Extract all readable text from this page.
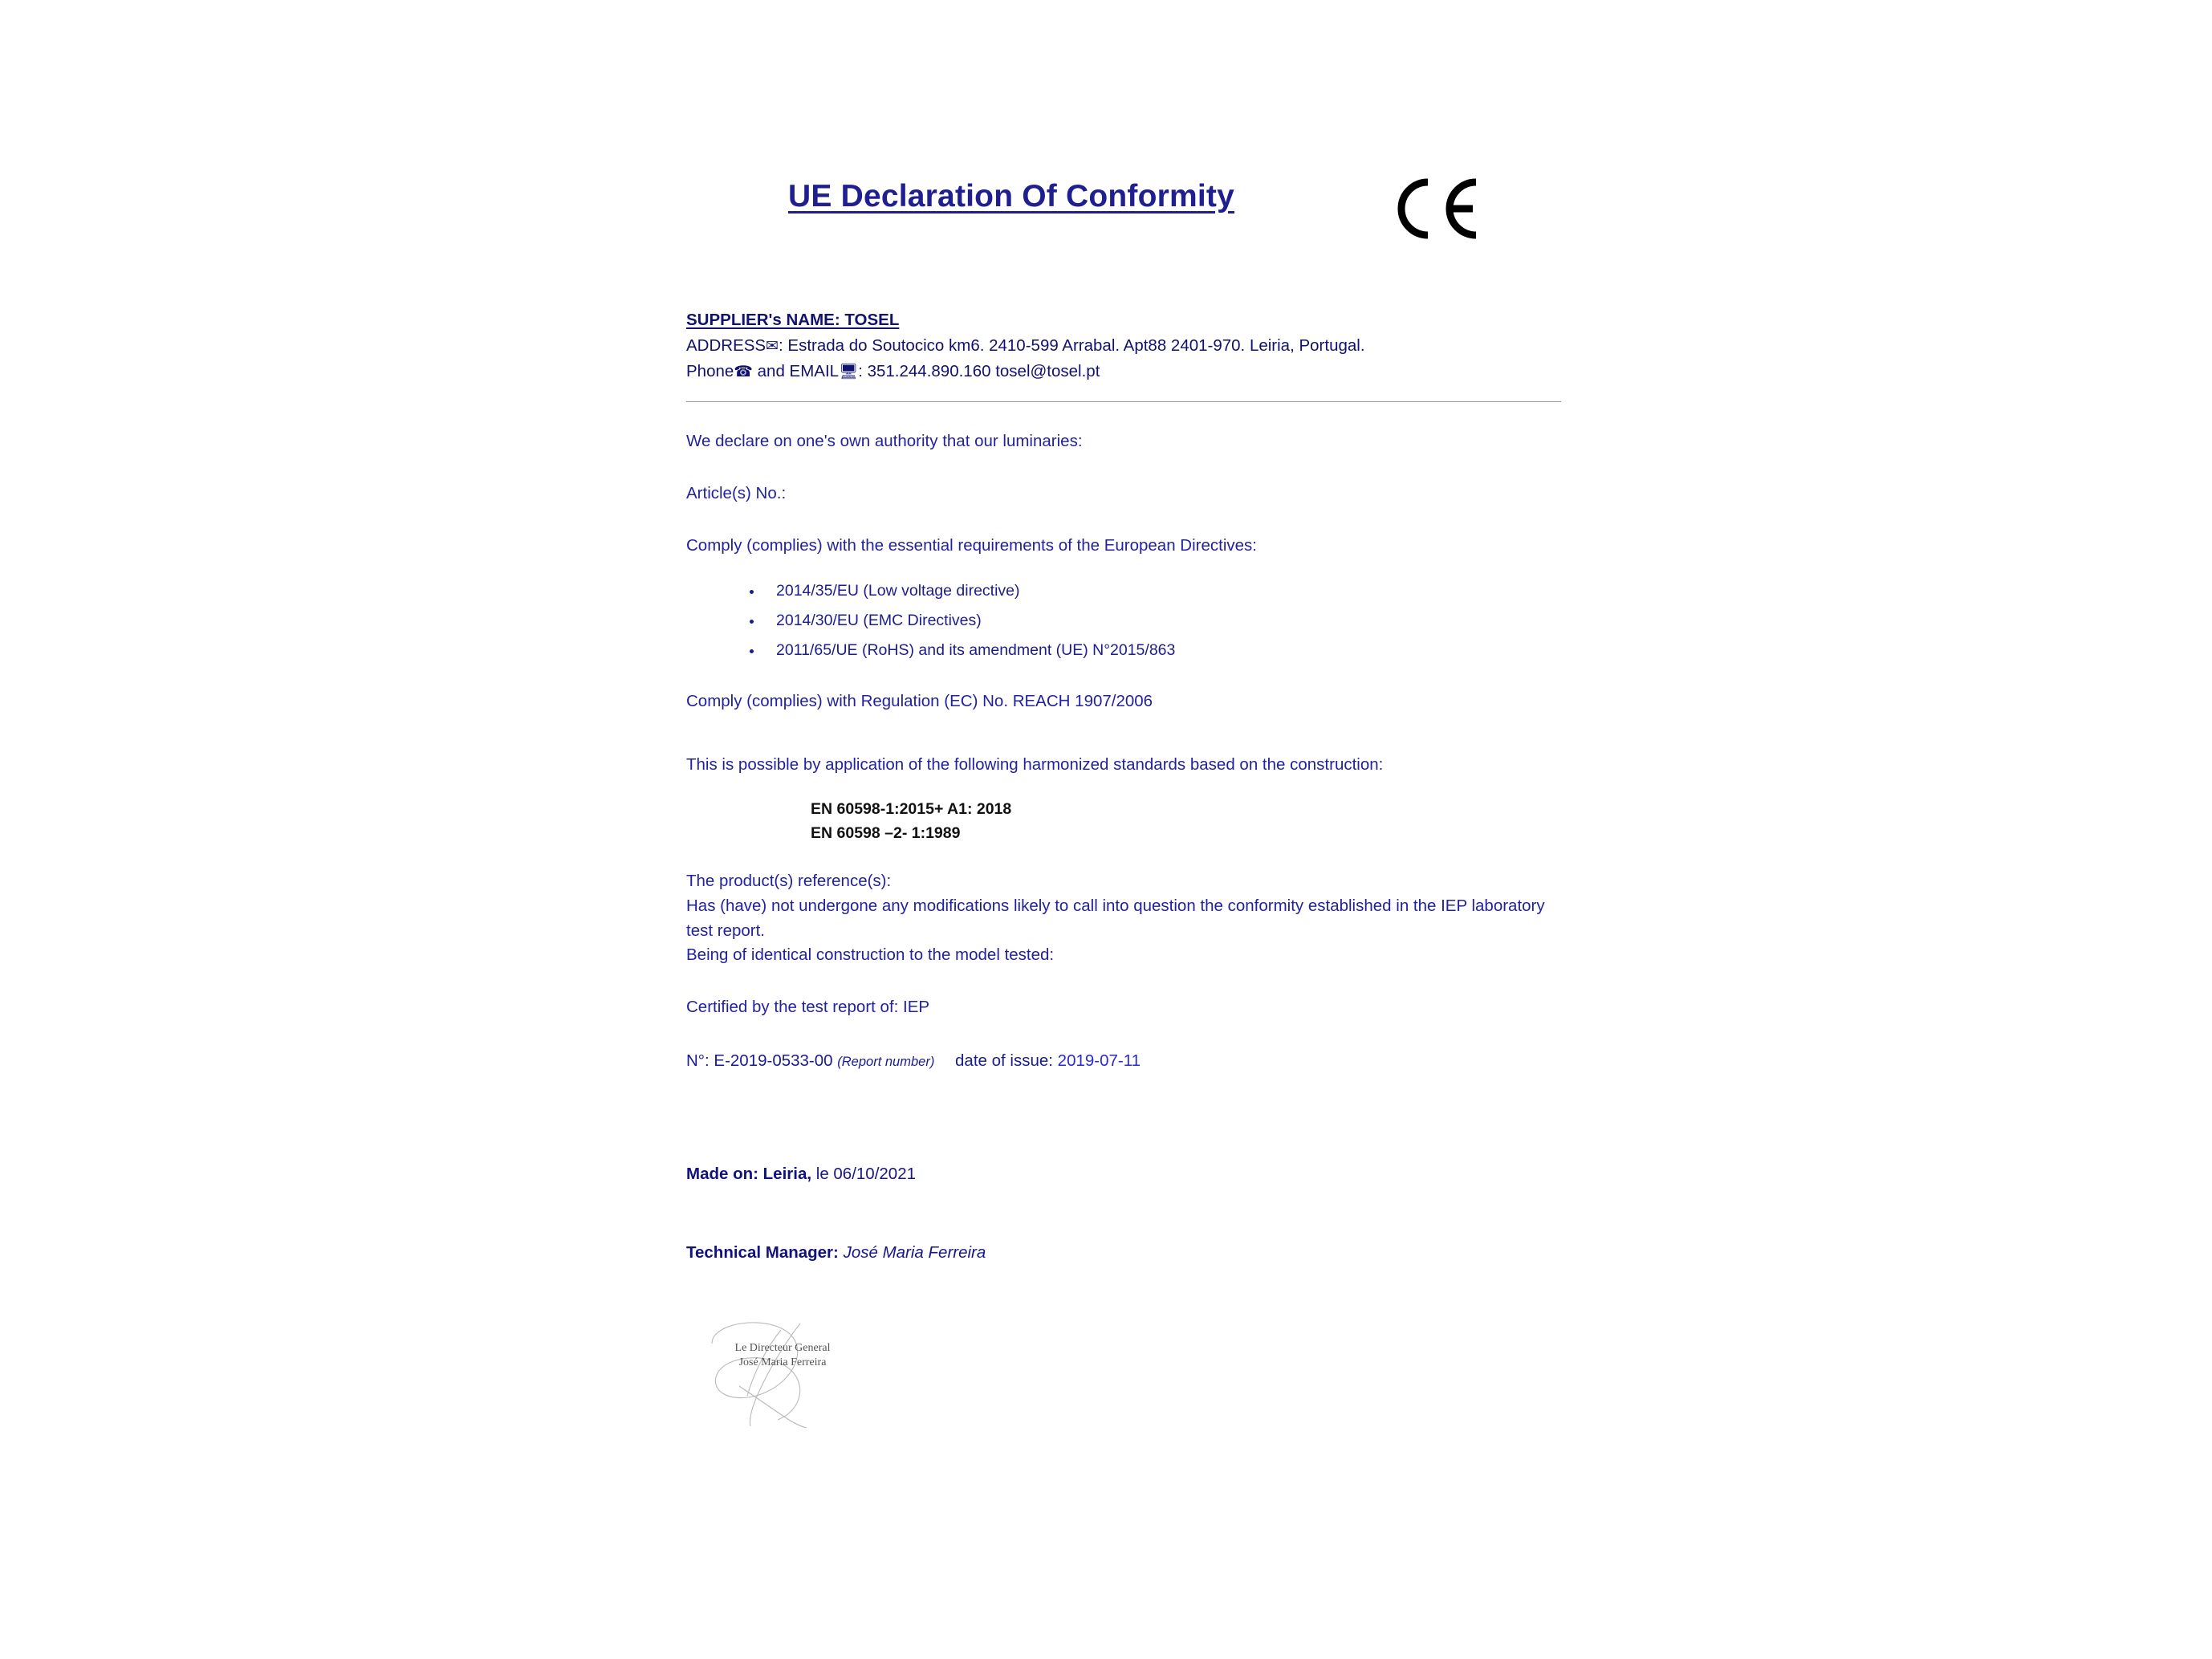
UE Declaration Of Conformity
SUPPLIER's NAME: TOSEL
ADDRESS✉: Estrada do Soutocico km6. 2410-599 Arrabal. Apt88 2401-970. Leiria, Portugal.
Phone☎ and EMAIL🖥: 351.244.890.160 tosel@tosel.pt
We declare on one's own authority that our luminaries:
Article(s) No.:
Comply (complies) with the essential requirements of the European Directives:
• 2014/35/EU (Low voltage directive)
• 2014/30/EU (EMC Directives)
• 2011/65/UE (RoHS) and its amendment (UE) N°2015/863
Comply (complies) with Regulation (EC) No. REACH 1907/2006
This is possible by application of the following harmonized standards based on the construction:
EN 60598-1:2015+ A1: 2018
EN 60598 –2- 1:1989
The product(s) reference(s):
Has (have) not undergone any modifications likely to call into question the conformity established in the IEP laboratory test report.
Being of identical construction to the model tested:
Certified by the test report of: IEP
N°: E-2019-0533-00 (Report number) date of issue: 2019-07-11
Made on: Leiria, le 06/10/2021
Technical Manager: José Maria Ferreira
Le Directeur General
José Maria Ferreira
